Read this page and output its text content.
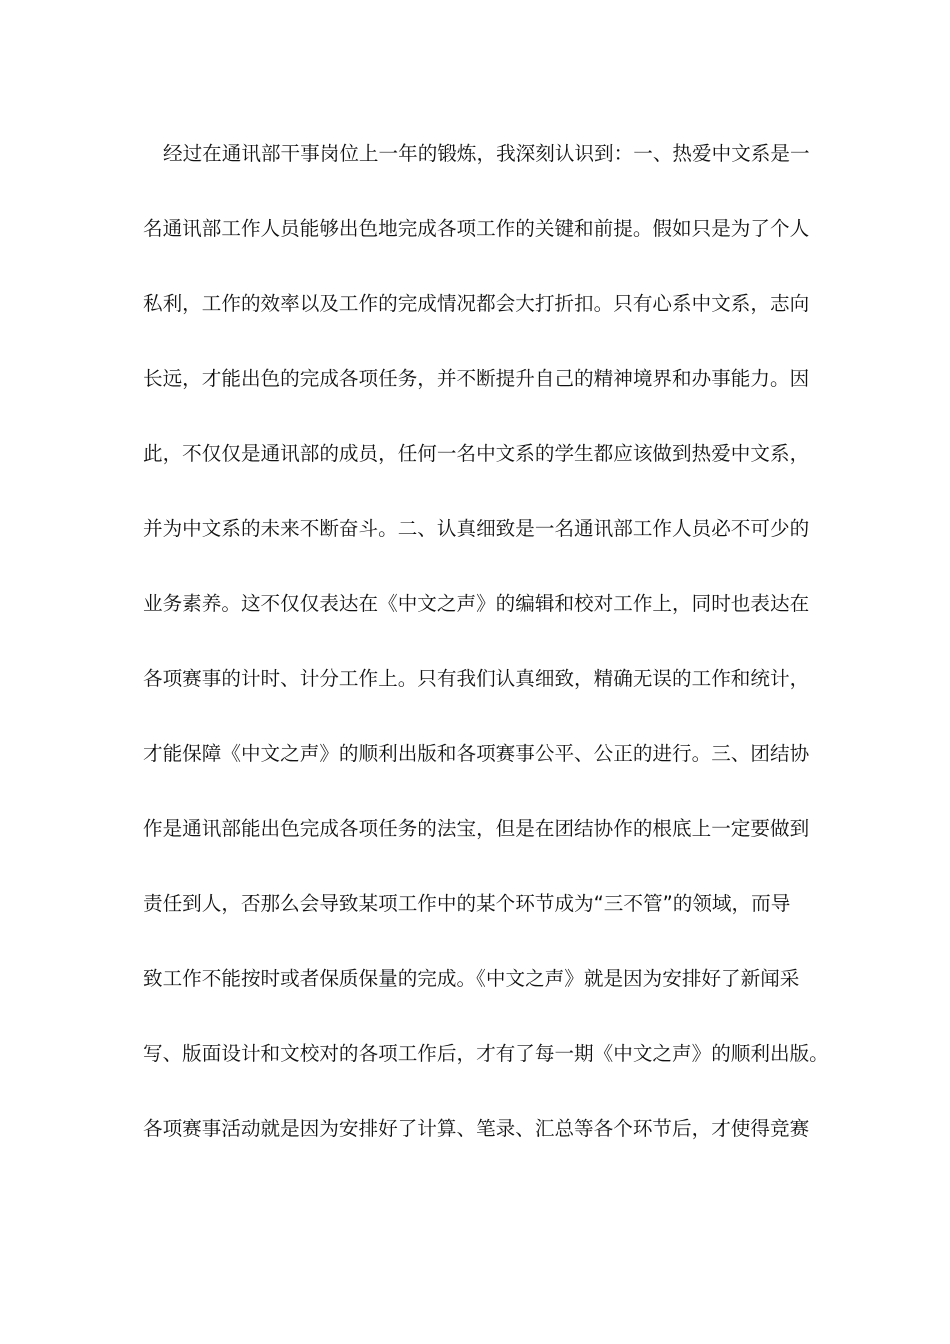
经过在通讯部干事岗位上一年的锻炼，我深刻认识到：一、热爱中文系是一
名通讯部工作人员能够出色地完成各项工作的关键和前提。假如只是为了个人
私利，工作的效率以及工作的完成情况都会大打折扣。只有心系中文系，志向
长远，才能出色的完成各项任务，并不断提升自己的精神境界和办事能力。因
此，不仅仅是通讯部的成员，任何一名中文系的学生都应该做到热爱中文系，
并为中文系的未来不断奋斗。二、认真细致是一名通讯部工作人员必不可少的
业务素养。这不仅仅表达在《中文之声》的编辑和校对工作上，同时也表达在
各项赛事的计时、计分工作上。只有我们认真细致，精确无误的工作和统计，
才能保障《中文之声》的顺利出版和各项赛事公平、公正的进行。三、团结协
作是通讯部能出色完成各项任务的法宝，但是在团结协作的根底上一定要做到
责任到人，否那么会导致某项工作中的某个环节成为“三不管”的领域，而导
致工作不能按时或者保质保量的完成。《中文之声》就是因为安排好了新闻采
写、版面设计和文校对的各项工作后，才有了每一期《中文之声》的顺利出版。
各项赛事活动就是因为安排好了计算、笔录、汇总等各个环节后，才使得竞赛
